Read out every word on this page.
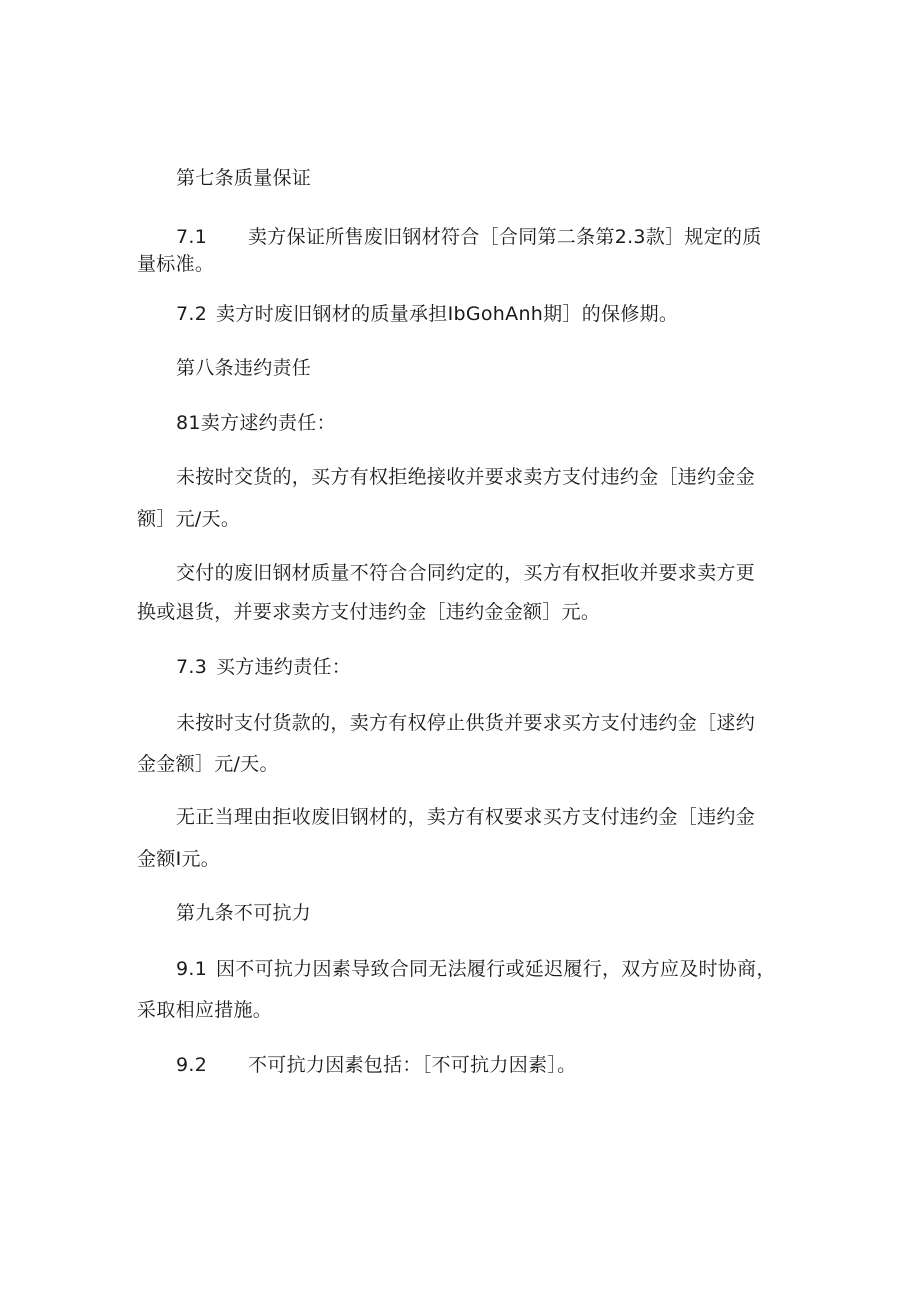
第七条质量保证
7.1 卖方保证所售废旧钢材符合［合同第二条第2.3款］规定的质
量标准。
7.2 卖方时废旧钢材的质量承担IbGohAnh期］的保修期。
第八条违约责任
81卖方逑约责任：
未按时交货的，买方有权拒绝接收并要求卖方支付违约金［违约金金
额］元/天。
交付的废旧钢材质量不符合合同约定的，买方有权拒收并要求卖方更
换或退货，并要求卖方支付违约金［违约金金额］元。
7.3 买方违约责任：
未按时支付货款的，卖方有权停止供货并要求买方支付违约金［逑约
金金额］元/天。
无正当理由拒收废旧钢材的，卖方有权要求买方支付违约金［违约金
金额I元。
第九条不可抗力
9.1 因不可抗力因素导致合同无法履行或延迟履行，双方应及时协商，
采取相应措施。
9.2 不可抗力因素包括：［不可抗力因素］。
